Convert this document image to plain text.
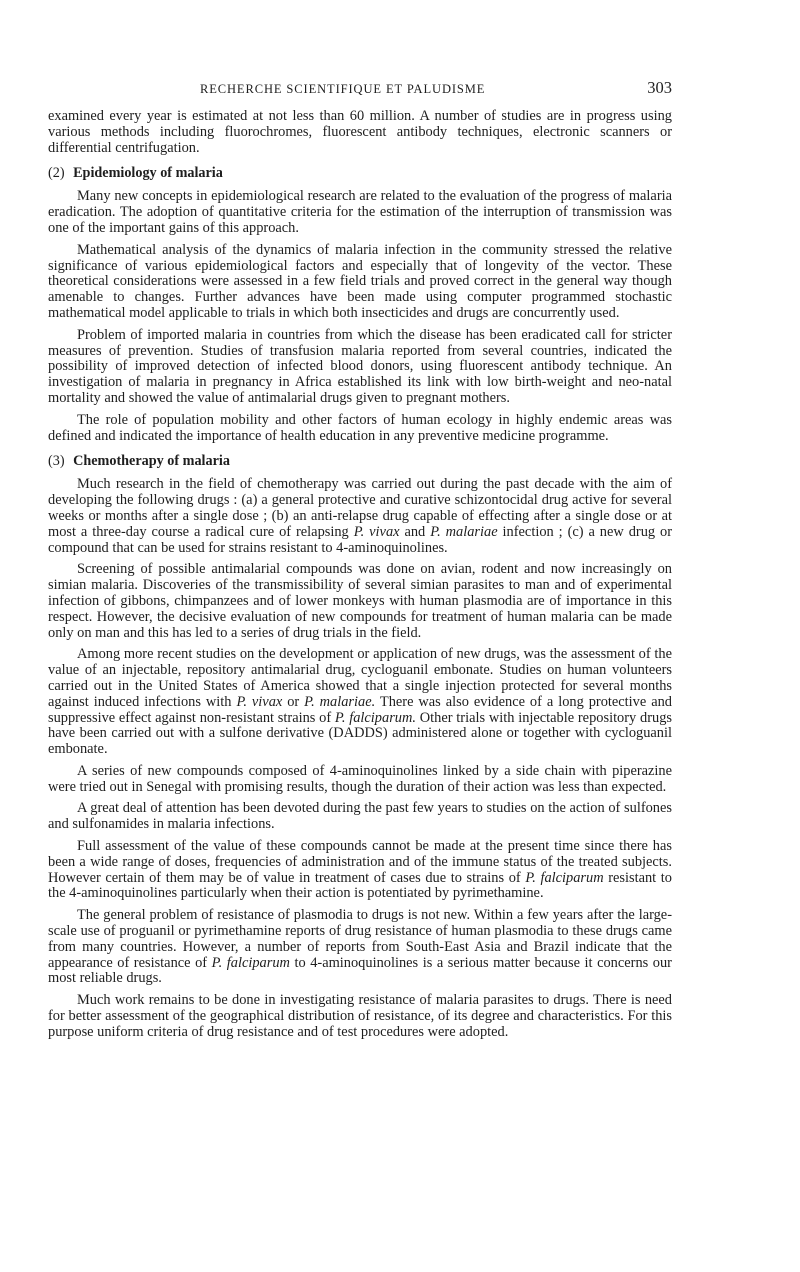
RECHERCHE SCIENTIFIQUE ET PALUDISME	303

examined every year is estimated at not less than 60 million. A number of studies are in progress using various methods including fluorochromes, fluorescent antibody techniques, electronic scanners or differential centrifugation.

(2) Epidemiology of malaria

Many new concepts in epidemiological research are related to the evaluation of the progress of malaria eradication. The adoption of quantitative criteria for the estimation of the interruption of transmission was one of the important gains of this approach.

Mathematical analysis of the dynamics of malaria infection in the community stressed the relative significance of various epidemiological factors and especially that of longevity of the vector. These theoretical considerations were assessed in a few field trials and proved correct in the general way though amenable to changes. Further advances have been made using computer programmed stochastic mathematical model applicable to trials in which both insecticides and drugs are concurrently used.

Problem of imported malaria in countries from which the disease has been eradicated call for stricter measures of prevention. Studies of transfusion malaria reported from several countries, indicated the possibility of improved detection of infected blood donors, using fluorescent antibody technique. An investigation of malaria in pregnancy in Africa established its link with low birth-weight and neo-natal mortality and showed the value of antimalarial drugs given to pregnant mothers.

The role of population mobility and other factors of human ecology in highly endemic areas was defined and indicated the importance of health education in any preventive medicine programme.

(3) Chemotherapy of malaria

Much research in the field of chemotherapy was carried out during the past decade with the aim of developing the following drugs : (a) a general protective and curative schizontocidal drug active for several weeks or months after a single dose ; (b) an anti-relapse drug capable of effecting after a single dose or at most a three-day course a radical cure of relapsing P. vivax and P. malariae infection ; (c) a new drug or compound that can be used for strains resistant to 4-aminoquinolines.

Screening of possible antimalarial compounds was done on avian, rodent and now increasingly on simian malaria. Discoveries of the transmissibility of several simian parasites to man and of experimental infection of gibbons, chimpanzees and of lower monkeys with human plasmodia are of importance in this respect. However, the decisive evaluation of new compounds for treatment of human malaria can be made only on man and this has led to a series of drug trials in the field.

Among more recent studies on the development or application of new drugs, was the assessment of the value of an injectable, repository antimalarial drug, cycloguanil embonate. Studies on human volunteers carried out in the United States of America showed that a single injection protected for several months against induced infections with P. vivax or P. malariae. There was also evidence of a long protective and suppressive effect against non-resistant strains of P. falciparum. Other trials with injectable repository drugs have been carried out with a sulfone derivative (DADDS) administered alone or together with cycloguanil embonate.

A series of new compounds composed of 4-aminoquinolines linked by a side chain with piperazine were tried out in Senegal with promising results, though the duration of their action was less than expected.

A great deal of attention has been devoted during the past few years to studies on the action of sulfones and sulfonamides in malaria infections.

Full assessment of the value of these compounds cannot be made at the present time since there has been a wide range of doses, frequencies of administration and of the immune status of the treated subjects. However certain of them may be of value in treatment of cases due to strains of P. falciparum resistant to the 4-aminoquinolines particularly when their action is potentiated by pyrimethamine.

The general problem of resistance of plasmodia to drugs is not new. Within a few years after the large-scale use of proguanil or pyrimethamine reports of drug resistance of human plasmodia to these drugs came from many countries. However, a number of reports from South-East Asia and Brazil indicate that the appearance of resistance of P. falciparum to 4-aminoquinolines is a serious matter because it concerns our most reliable drugs.

Much work remains to be done in investigating resistance of malaria parasites to drugs. There is need for better assessment of the geographical distribution of resistance, of its degree and characteristics. For this purpose uniform criteria of drug resistance and of test procedures were adopted.
